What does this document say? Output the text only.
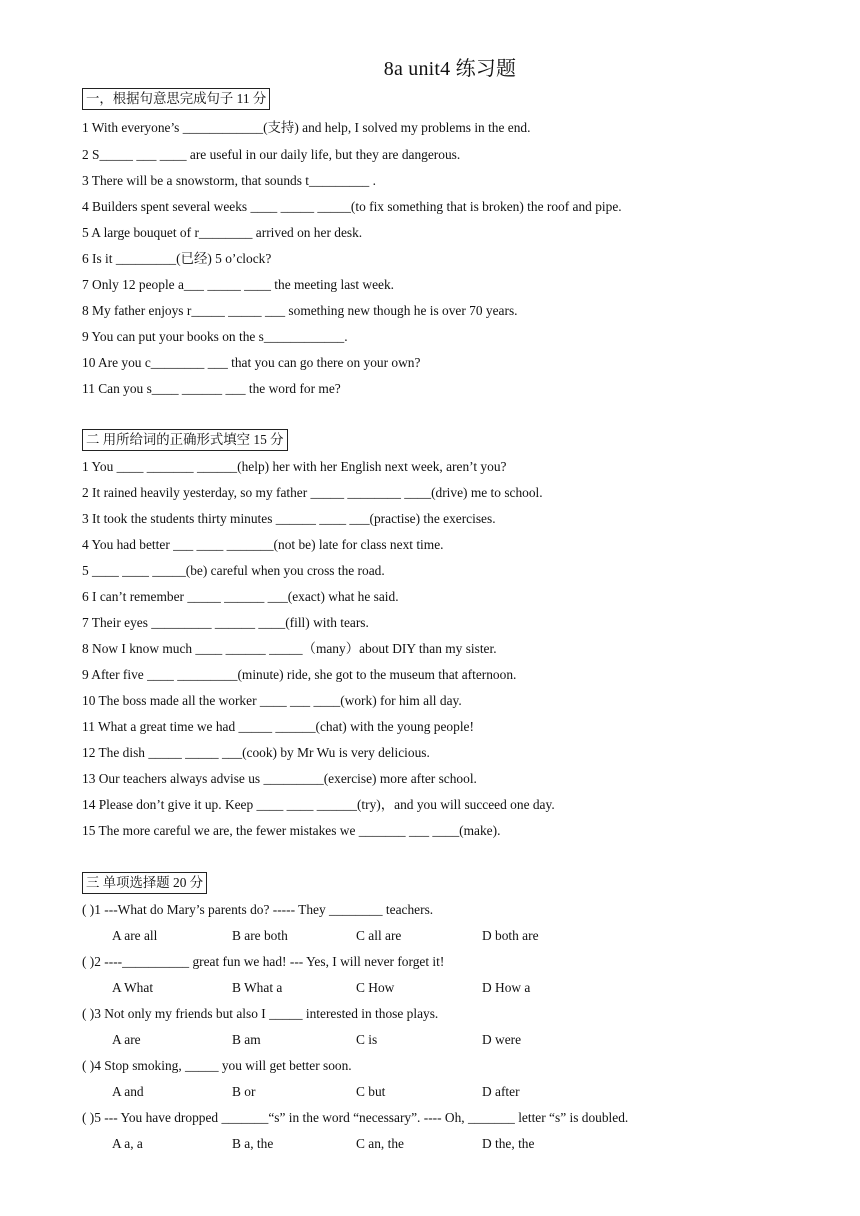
8a unit4 练习题
一，根据句意思完成句子 11 分
二 用所给词的正确形式填空 15 分
三 单项选择题 20 分
1 With everyone’s ____________(支持) and help, I solved my problems in the end.
2 S_____ ___ ____ are useful in our daily life, but they are dangerous.
3 There will be a snowstorm, that sounds t_________ .
4 Builders spent several weeks ____ _____ _____(to fix something that is broken) the roof and pipe.
5 A large bouquet of r________ arrived on her desk.
6 Is it _________(已经) 5 o’clock?
7 Only 12 people a___ _____ ____ the meeting last week.
8 My father enjoys r_____ _____ ___ something new though he is over 70 years.
9 You can put your books on the s____________.
10 Are you c________ ___ that you can go there on your own?
11 Can you s____ ______ ___ the word for me?
1 You ____ _______ ______(help) her with her English next week, aren’t you?
2 It rained heavily yesterday, so my father _____ ________ ____(drive) me to school.
3 It took the students thirty minutes ______ ____ ___(practise) the exercises.
4 You had better ___ ____ _______(not be) late for class next time.
5 ____ ____ _____(be) careful when you cross the road.
6 I can’t remember _____ ______ ___(exact) what he said.
7 Their eyes _________ ______ ____(fill) with tears.
8 Now I know much ____ ______ _____（many）about DIY than my sister.
9 After five ____ _________(minute) ride, she got to the museum that afternoon.
10 The boss made all the worker ____ ___ ____(work) for him all day.
11 What a great time we had _____ ______(chat) with the young people!
12 The dish _____ _____ ___(cook) by Mr Wu is very delicious.
13 Our teachers always advise us _________(exercise) more after school.
14 Please don’t give it up. Keep ____ ____ ______(try)，and you will succeed one day.
15 The more careful we are, the fewer mistakes we _______ ___ ____(make).
( )1 ---What do Mary’s parents do? ----- They ________ teachers.
A are all	B are both	C all are	D both are
( )2 ----__________ great fun we had! --- Yes, I will never forget it!
A What	B What a	C How	D How a
( )3 Not only my friends but also I _____ interested in those plays.
A are	B am	C is	D were
( )4 Stop smoking, _____ you will get better soon.
A and	B or	C but	D after
( )5 --- You have dropped _______“s” in the word “necessary”. ---- Oh, _______ letter “s” is doubled.
A a, a	B a, the	C an, the	D the, the
